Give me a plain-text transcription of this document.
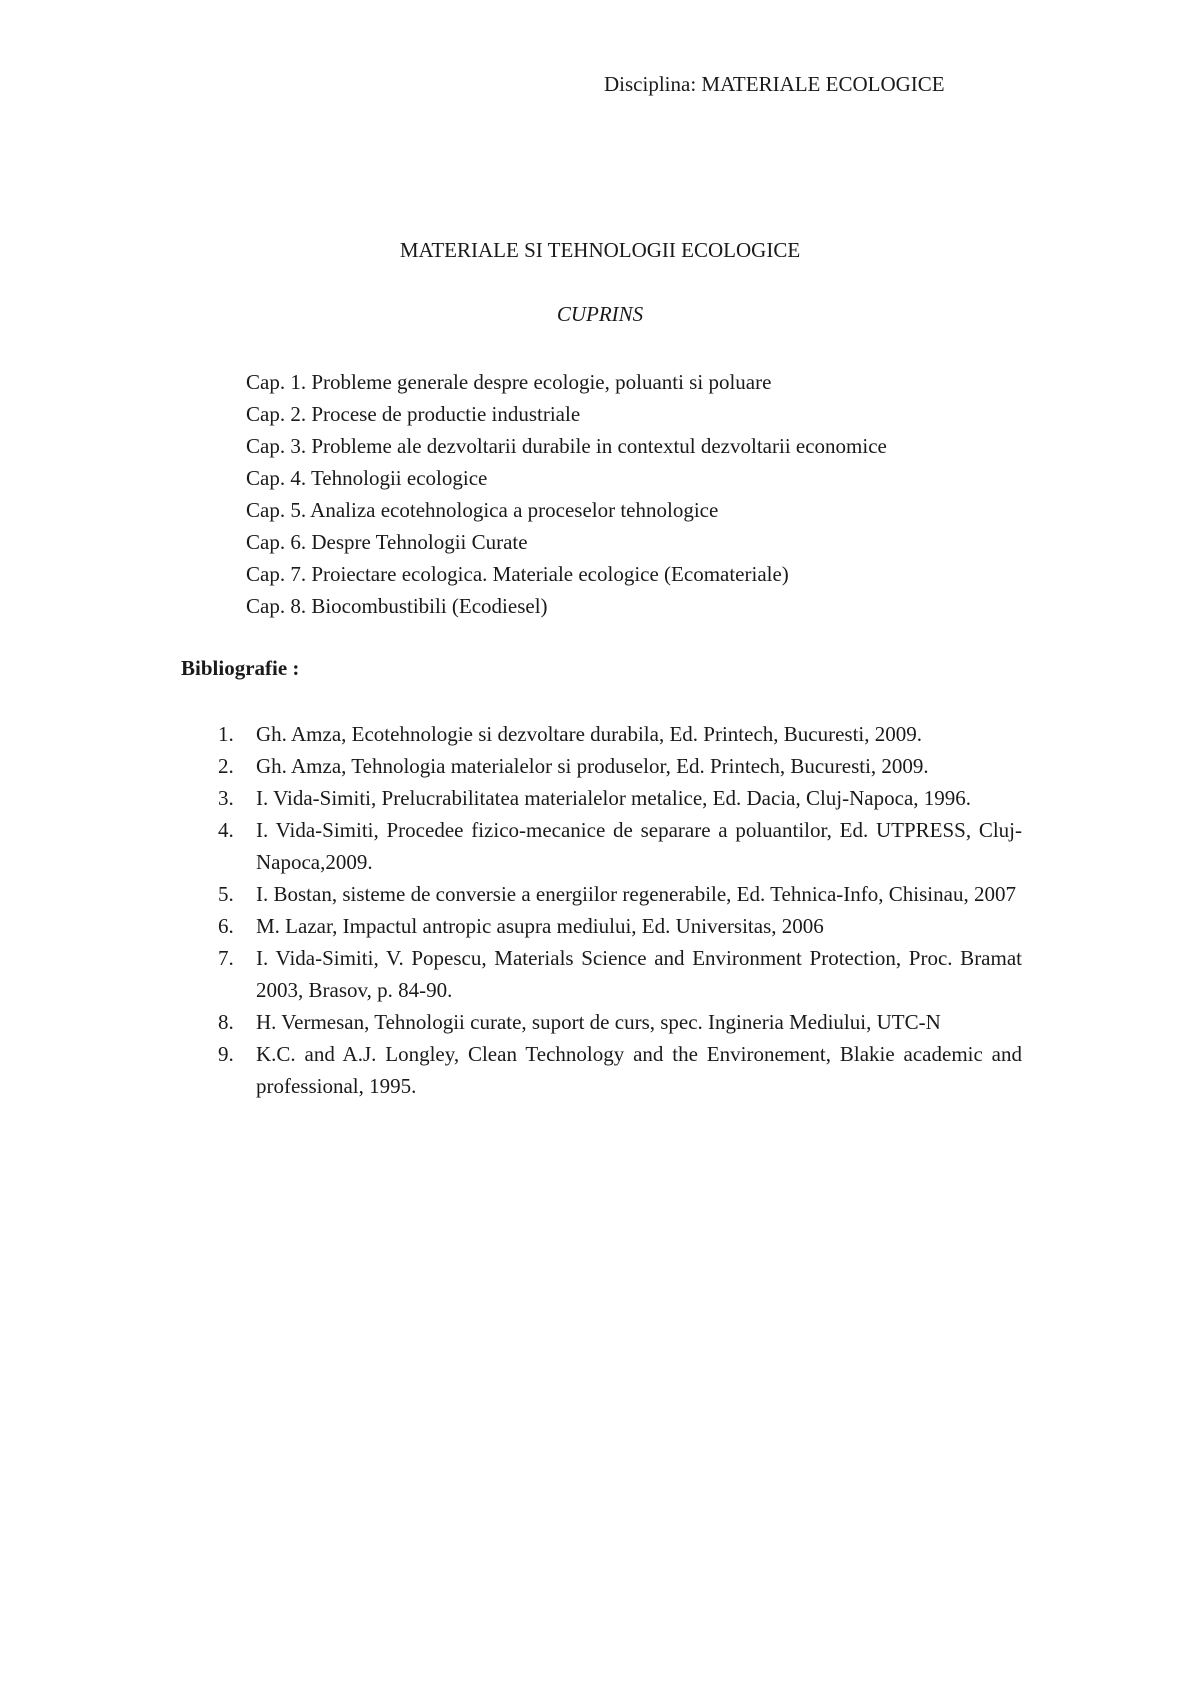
Disciplina: MATERIALE ECOLOGICE
MATERIALE SI TEHNOLOGII ECOLOGICE
CUPRINS
Cap. 1. Probleme generale despre ecologie, poluanti si poluare
Cap. 2. Procese de productie industriale
Cap. 3. Probleme ale dezvoltarii durabile in contextul dezvoltarii economice
Cap. 4. Tehnologii ecologice
Cap. 5. Analiza ecotehnologica a proceselor tehnologice
Cap. 6. Despre Tehnologii Curate
Cap. 7. Proiectare ecologica. Materiale ecologice (Ecomateriale)
Cap. 8. Biocombustibili (Ecodiesel)
Bibliografie :
1. Gh. Amza, Ecotehnologie si dezvoltare durabila, Ed. Printech, Bucuresti, 2009.
2. Gh. Amza, Tehnologia materialelor si produselor, Ed. Printech, Bucuresti, 2009.
3. I. Vida-Simiti, Prelucrabilitatea materialelor metalice, Ed. Dacia, Cluj-Napoca, 1996.
4. I. Vida-Simiti, Procedee fizico-mecanice de separare a poluantilor, Ed. UTPRESS, Cluj-Napoca,2009.
5. I. Bostan, sisteme de conversie a energiilor regenerabile, Ed. Tehnica-Info, Chisinau, 2007
6. M. Lazar, Impactul antropic asupra mediului, Ed. Universitas, 2006
7. I. Vida-Simiti, V. Popescu, Materials Science and Environment Protection, Proc. Bramat 2003, Brasov, p. 84-90.
8. H. Vermesan, Tehnologii curate, suport de curs, spec. Ingineria Mediului, UTC-N
9. K.C. and A.J. Longley, Clean Technology and the Environement, Blakie academic and professional, 1995.
